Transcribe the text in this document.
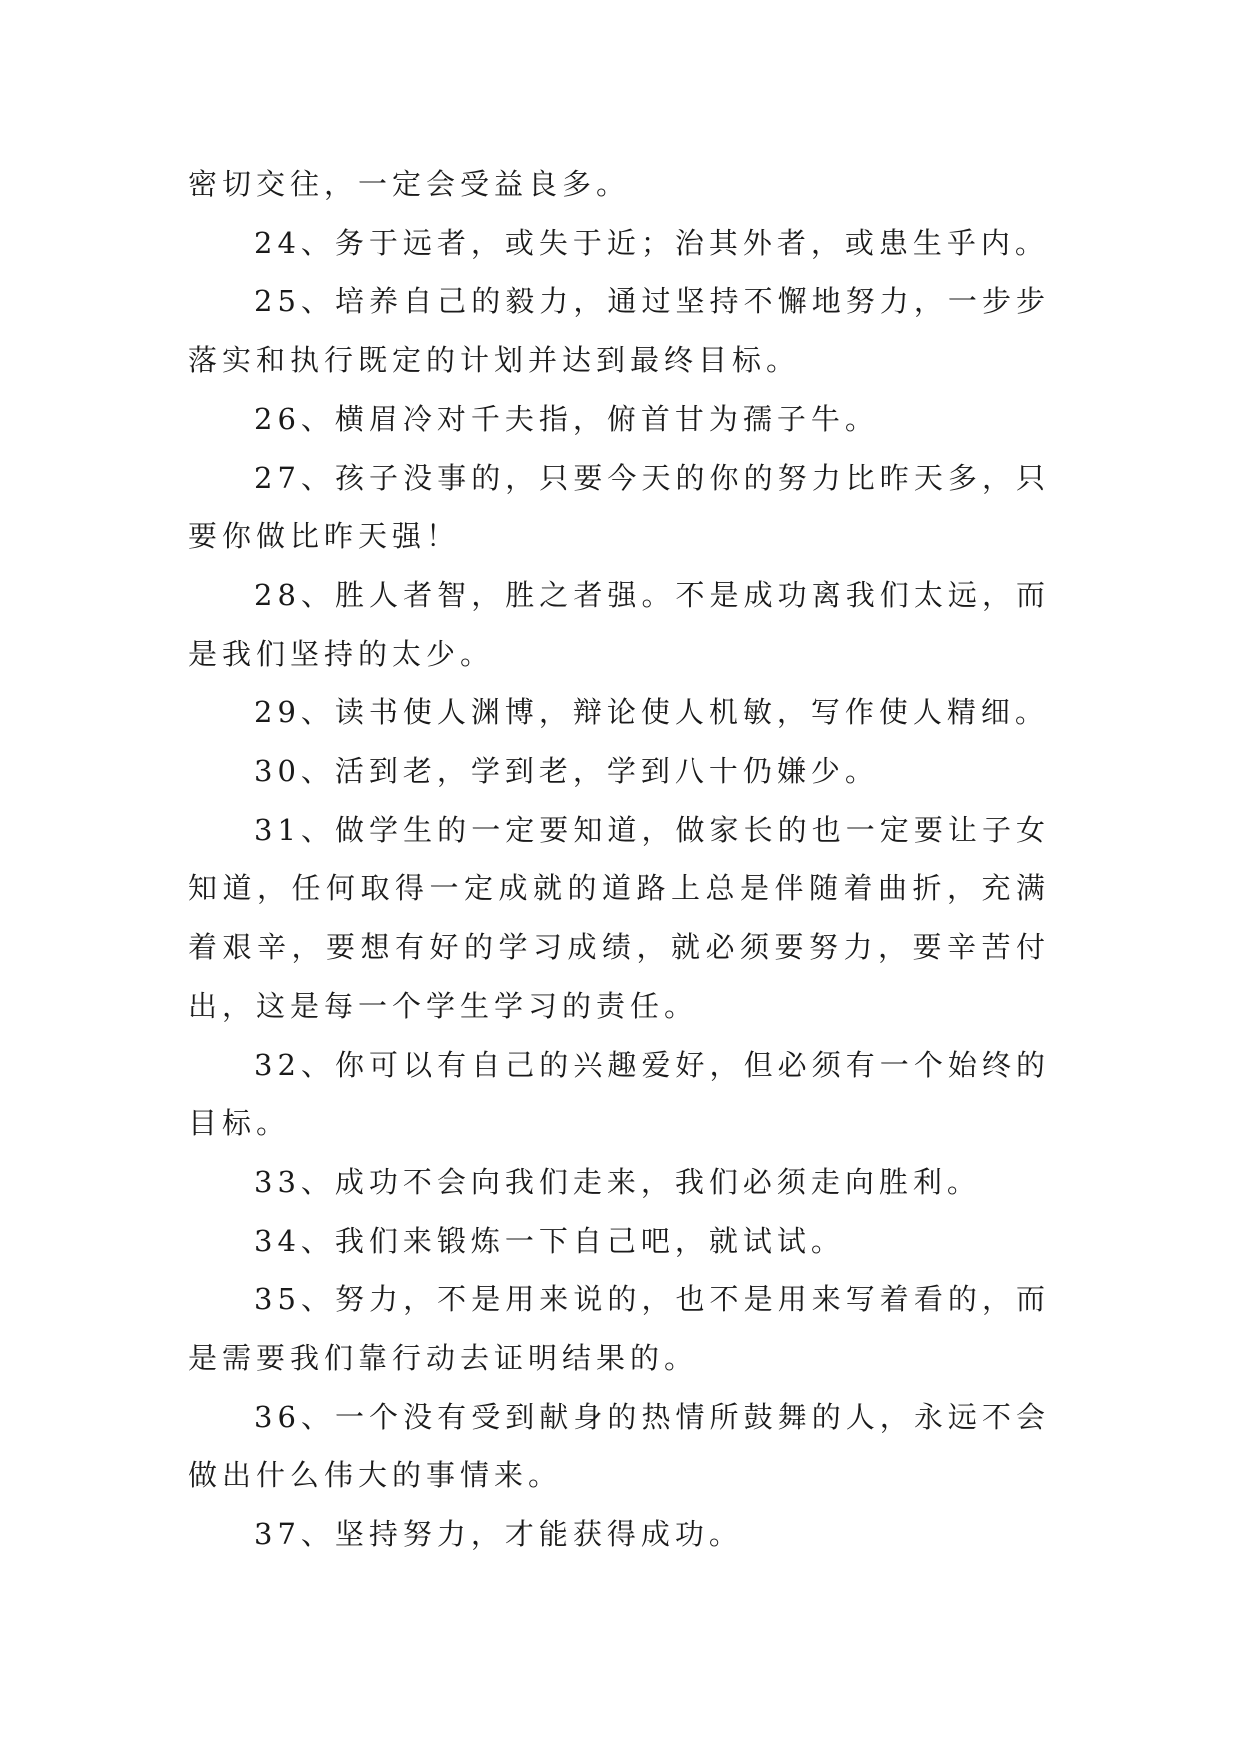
密切交往，一定会受益良多。

24、务于远者，或失于近；治其外者，或患生乎内。

25、培养自己的毅力，通过坚持不懈地努力，一步步落实和执行既定的计划并达到最终目标。

26、横眉冷对千夫指，俯首甘为孺子牛。

27、孩子没事的，只要今天的你的努力比昨天多，只要你做比昨天强！

28、胜人者智，胜之者强。不是成功离我们太远，而是我们坚持的太少。

29、读书使人渊博，辩论使人机敏，写作使人精细。

30、活到老，学到老，学到八十仍嫌少。

31、做学生的一定要知道，做家长的也一定要让子女知道，任何取得一定成就的道路上总是伴随着曲折，充满着艰辛，要想有好的学习成绩，就必须要努力，要辛苦付出，这是每一个学生学习的责任。

32、你可以有自己的兴趣爱好，但必须有一个始终的目标。

33、成功不会向我们走来，我们必须走向胜利。

34、我们来锻炼一下自己吧，就试试。

35、努力，不是用来说的，也不是用来写着看的，而是需要我们靠行动去证明结果的。

36、一个没有受到献身的热情所鼓舞的人，永远不会做出什么伟大的事情来。

37、坚持努力，才能获得成功。
